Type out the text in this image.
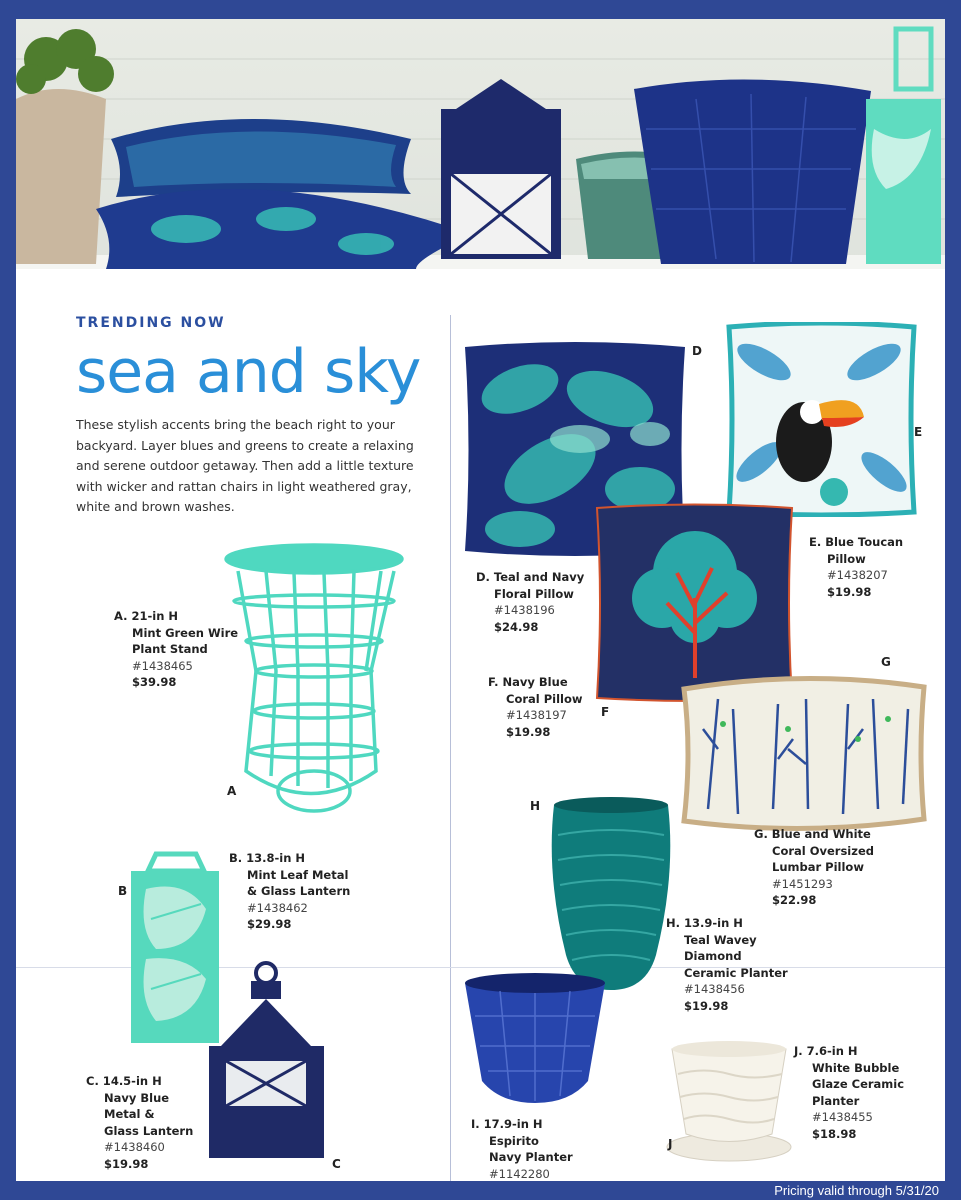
TRENDING NOW
sea and sky
These stylish accents bring the beach right to your backyard. Layer blues and greens to create a relaxing and serene outdoor getaway. Then add a little texture with wicker and rattan chairs in light weathered gray, white and brown washes.
A
A. 21-in H
Mint Green Wire
Plant Stand
#1438465
$39.98
B
B. 13.8-in H
Mint Leaf Metal
& Glass Lantern
#1438462
$29.98
C
C. 14.5-in H
Navy Blue
Metal &
Glass Lantern
#1438460
$19.98
D
D. Teal and Navy
Floral Pillow
#1438196
$24.98
E
E. Blue Toucan
Pillow
#1438207
$19.98
F
F. Navy Blue
Coral Pillow
#1438197
$19.98
G
G. Blue and White
Coral Oversized
Lumbar Pillow
#1451293
$22.98
H
H. 13.9-in H
Teal Wavey
Diamond
Ceramic Planter
#1438456
$19.98
I. 17.9-in H
Espirito
Navy Planter
#1142280
J
J. 7.6-in H
White Bubble
Glaze Ceramic
Planter
#1438455
$18.98
Pricing valid through 5/31/20
